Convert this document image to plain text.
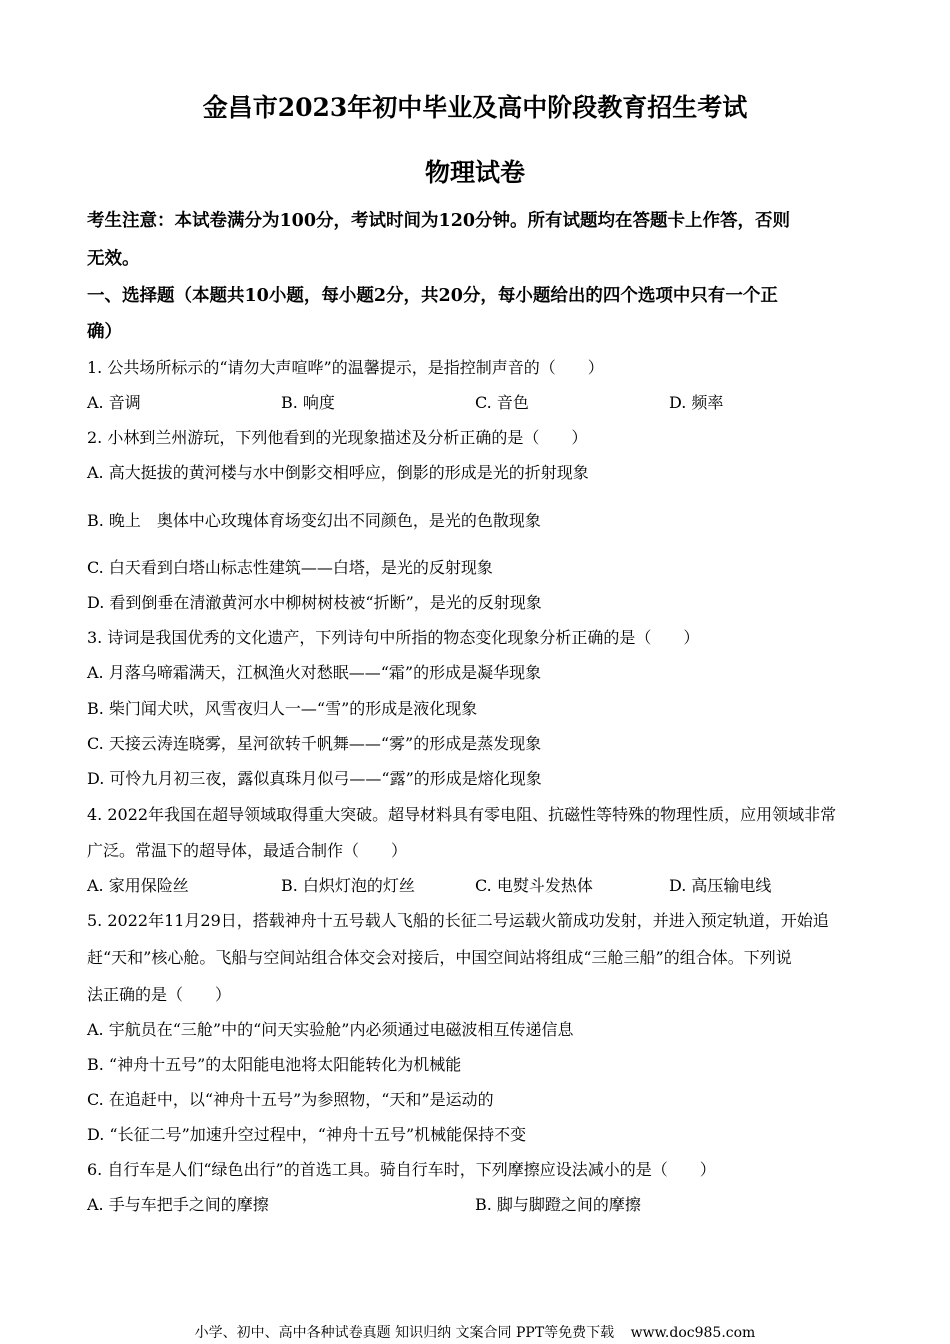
金昌市2023年初中毕业及高中阶段教育招生考试
物理试卷
考生注意：本试卷满分为100分，考试时间为120分钟。所有试题均在答题卡上作答，否则
无效。
一、选择题（本题共10小题，每小题2分，共20分，每小题给出的四个选项中只有一个正
确）
1. 公共场所标示的“请勿大声喧哗”的温馨提示，是指控制声音的（　　）
A. 音调	B. 响度	C. 音色	D. 频率
2. 小林到兰州游玩，下列他看到的光现象描述及分析正确的是（　　）
A. 高大挺拔的黄河楼与水中倒影交相呼应，倒影的形成是光的折射现象
B. 晚上　奥体中心玫瑰体育场变幻出不同颜色，是光的色散现象
C. 白天看到白塔山标志性建筑——白塔，是光的反射现象
D. 看到倒垂在清澈黄河水中柳树树枝被“折断”，是光的反射现象
3. 诗词是我国优秀的文化遗产，下列诗句中所指的物态变化现象分析正确的是（　　）
A. 月落乌啼霜满天，江枫渔火对愁眠——“霜”的形成是凝华现象
B. 柴门闻犬吠，风雪夜归人一—“雪”的形成是液化现象
C. 天接云涛连晓雾，星河欲转千帆舞——“雾”的形成是蒸发现象
D. 可怜九月初三夜，露似真珠月似弓——“露”的形成是熔化现象
4. 2022年我国在超导领域取得重大突破。超导材料具有零电阻、抗磁性等特殊的物理性质，应用领域非常
广泛。常温下的超导体，最适合制作（　　）
A. 家用保险丝	B. 白炽灯泡的灯丝	C. 电熨斗发热体	D. 高压输电线
5. 2022年11月29日，搭载神舟十五号载人飞船的长征二号运载火箭成功发射，并进入预定轨道，开始追
赶“天和”核心舱。飞船与空间站组合体交会对接后，中国空间站将组成“三舱三船”的组合体。下列说
法正确的是（　　）
A. 宇航员在“三舱”中的“问天实验舱”内必须通过电磁波相互传递信息
B. “神舟十五号”的太阳能电池将太阳能转化为机械能
C. 在追赶中，以“神舟十五号”为参照物，“天和”是运动的
D. “长征二号”加速升空过程中，“神舟十五号”机械能保持不变
6. 自行车是人们“绿色出行”的首选工具。骑自行车时，下列摩擦应设法减小的是（　　）
A. 手与车把手之间的摩擦	B. 脚与脚蹬之间的摩擦
小学、初中、高中各种试卷真题 知识归纳 文案合同 PPT等免费下载 www.doc985.com
